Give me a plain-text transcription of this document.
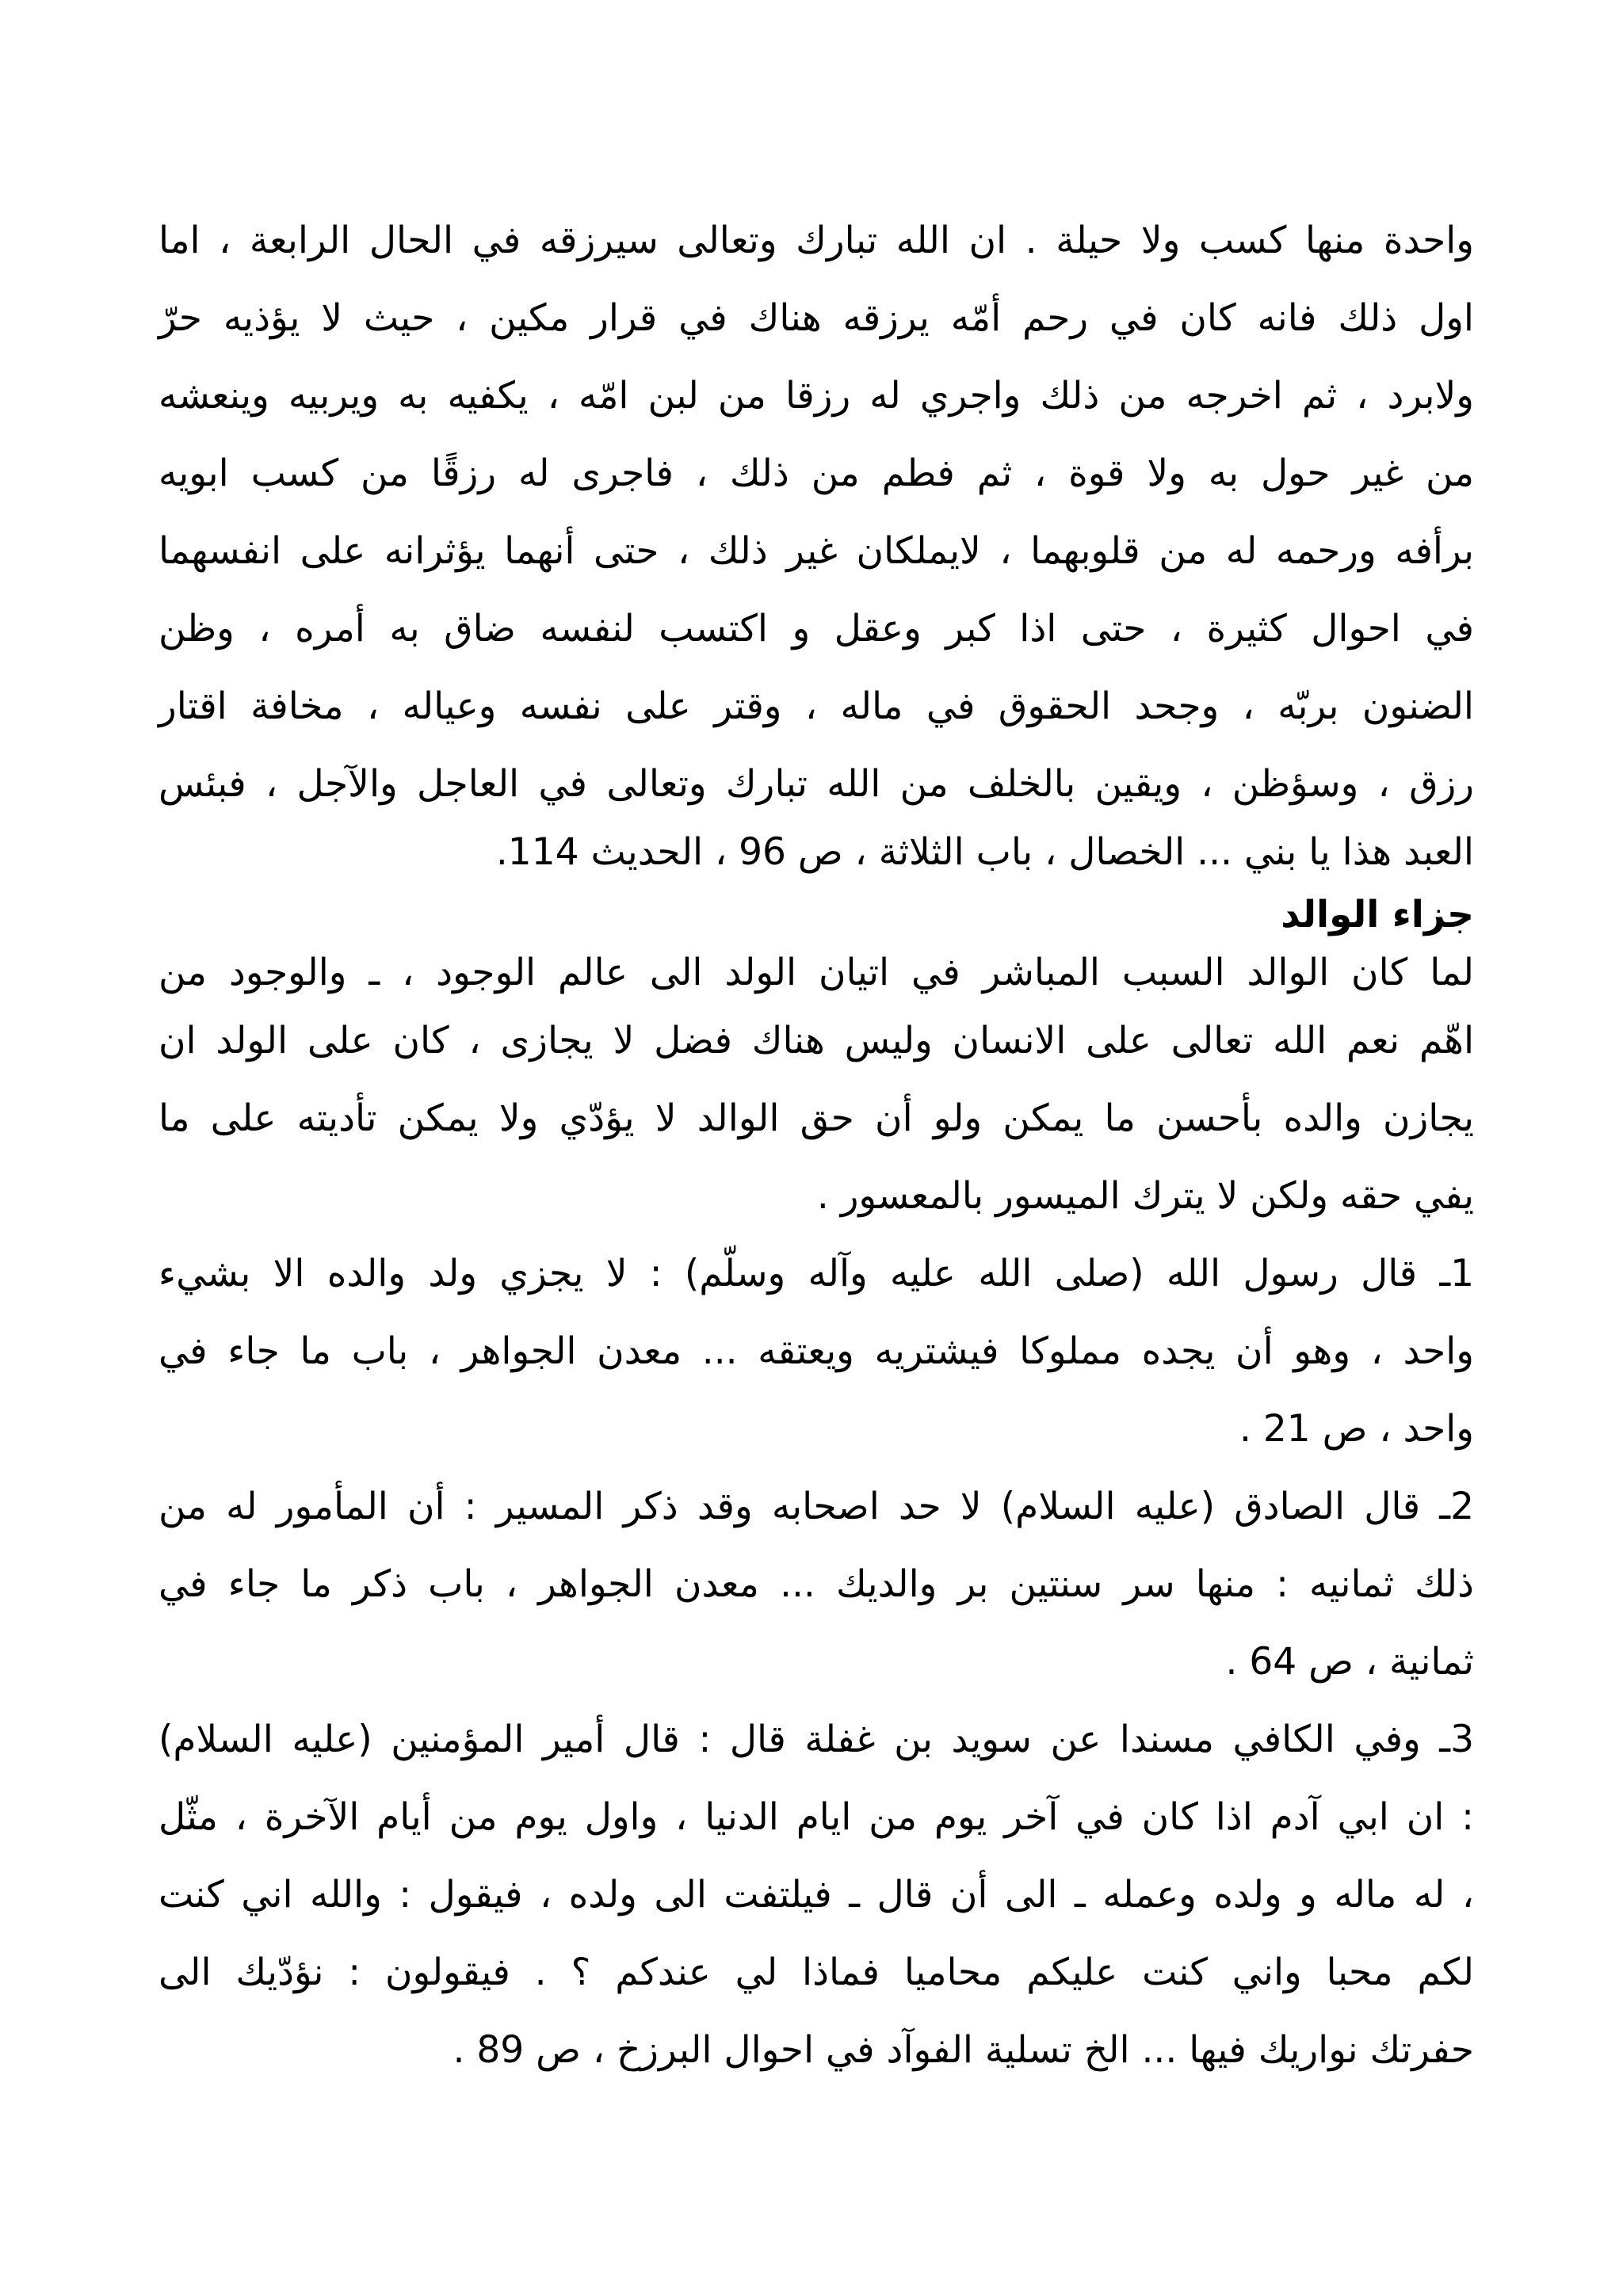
واحدة منها كسب ولا حيلة . ان الله تبارك وتعالى سيرزقه في الحال الرابعة ، اما
اول ذلك فانه كان في رحم أمّه يرزقه هناك في قرار مكين ، حيث لا يؤذيه حرّ
ولابرد ، ثم اخرجه من ذلك واجري له رزقا من لبن امّه ، يكفيه به ويربيه وينعشه
من غير حول به ولا قوة ، ثم فطم من ذلك ، فاجرى له رزقًا من كسب ابويه
برأفه ورحمه له من قلوبهما ، لايملكان غير ذلك ، حتى أنهما يؤثرانه على انفسهما
في احوال كثيرة ، حتى اذا كبر وعقل و اكتسب لنفسه ضاق به أمره ، وظن
الضنون بربّه ، وجحد الحقوق في ماله ، وقتر على نفسه وعياله ، مخافة اقتار
رزق ، وسؤظن ، ويقين بالخلف من الله تبارك وتعالى في العاجل والآجل ، فبئس
العبد هذا يا بني ... الخصال ، باب الثلاثة ، ص 96 ، الحديث 114.
جزاء الوالد
لما كان الوالد السبب المباشر في اتيان الولد الى عالم الوجود ، ـ والوجود من
اهّم نعم الله تعالى على الانسان وليس هناك فضل لا يجازى ، كان على الولد ان
يجازن والده بأحسن ما يمكن ولو أن حق الوالد لا يؤدّي ولا يمكن تأديته على ما
يفي حقه ولكن لا يترك الميسور بالمعسور .
1ـ قال رسول الله (صلى الله عليه وآله وسلّم) : لا يجزي ولد والده الا بشيء
واحد ، وهو أن يجده مملوكا فيشتريه ويعتقه ... معدن الجواهر ، باب ما جاء في
واحد ، ص 21 .
2ـ قال الصادق (عليه السلام) لا حد اصحابه وقد ذكر المسير : أن المأمور له من
ذلك ثمانيه : منها سر سنتين بر والديك ... معدن الجواهر ، باب ذكر ما جاء في
ثمانية ، ص 64 .
3ـ وفي الكافي مسندا عن سويد بن غفلة قال : قال أمير المؤمنين (عليه السلام)
: ان ابي آدم اذا كان في آخر يوم من ايام الدنيا ، واول يوم من أيام الآخرة ، مثّل
، له ماله و ولده وعمله ـ الى أن قال ـ فيلتفت الى ولده ، فيقول : والله اني كنت
لكم محبا واني كنت عليكم محاميا فماذا لي عندكم ؟ . فيقولون : نؤدّيك الى
حفرتك نواريك فيها ... الخ تسلية الفوآد في احوال البرزخ ، ص 89 .
